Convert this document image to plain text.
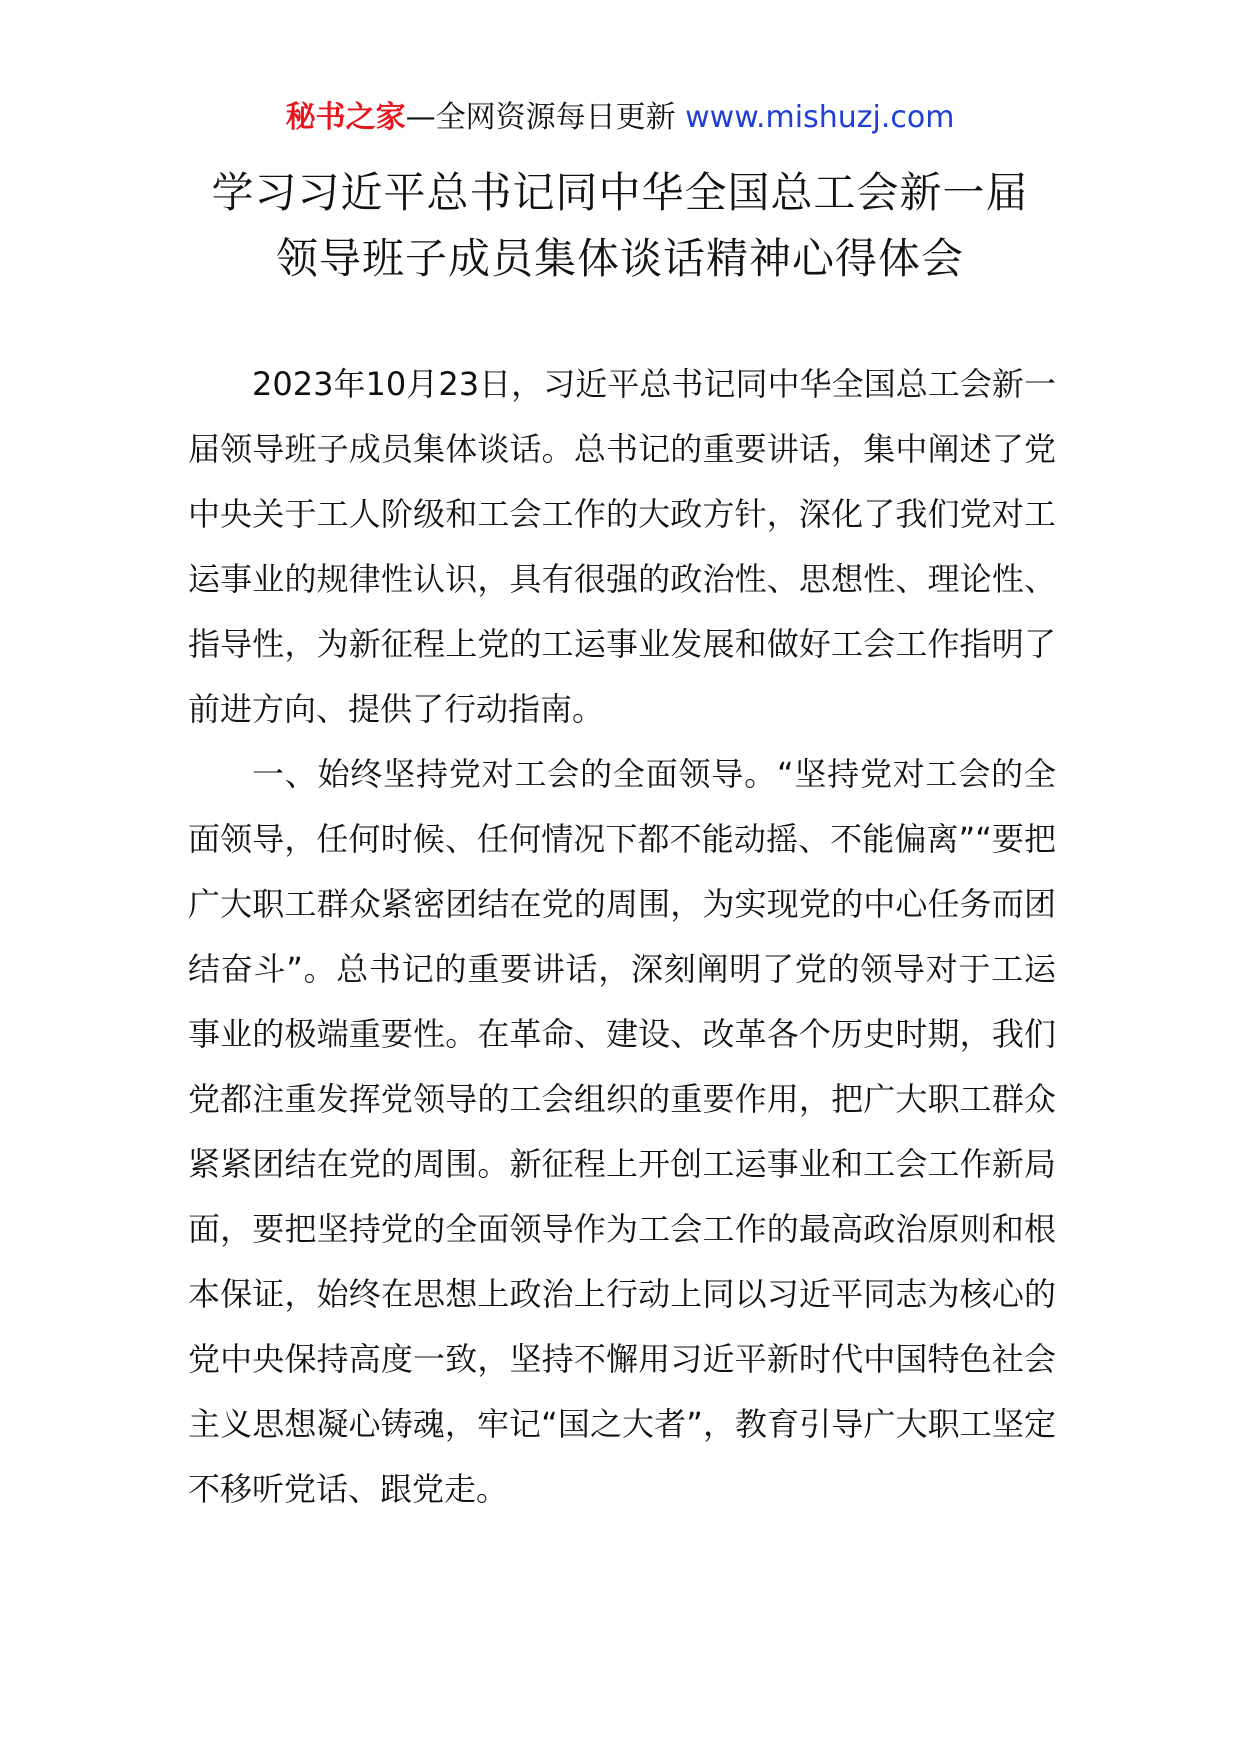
秘书之家—全网资源每日更新 www.mishuzj.com
学习习近平总书记同中华全国总工会新一届
领导班子成员集体谈话精神心得体会

2023年10月23日，习近平总书记同中华全国总工会新一届领导班子成员集体谈话。总书记的重要讲话，集中阐述了党中央关于工人阶级和工会工作的大政方针，深化了我们党对工运事业的规律性认识，具有很强的政治性、思想性、理论性、指导性，为新征程上党的工运事业发展和做好工会工作指明了前进方向、提供了行动指南。

一、始终坚持党对工会的全面领导。“坚持党对工会的全面领导，任何时候、任何情况下都不能动摇、不能偏离”“要把广大职工群众紧密团结在党的周围，为实现党的中心任务而团结奋斗”。总书记的重要讲话，深刻阐明了党的领导对于工运事业的极端重要性。在革命、建设、改革各个历史时期，我们党都注重发挥党领导的工会组织的重要作用，把广大职工群众紧紧团结在党的周围。新征程上开创工运事业和工会工作新局面，要把坚持党的全面领导作为工会工作的最高政治原则和根本保证，始终在思想上政治上行动上同以习近平同志为核心的党中央保持高度一致，坚持不懈用习近平新时代中国特色社会主义思想凝心铸魂，牢记“国之大者”，教育引导广大职工坚定不移听党话、跟党走。
